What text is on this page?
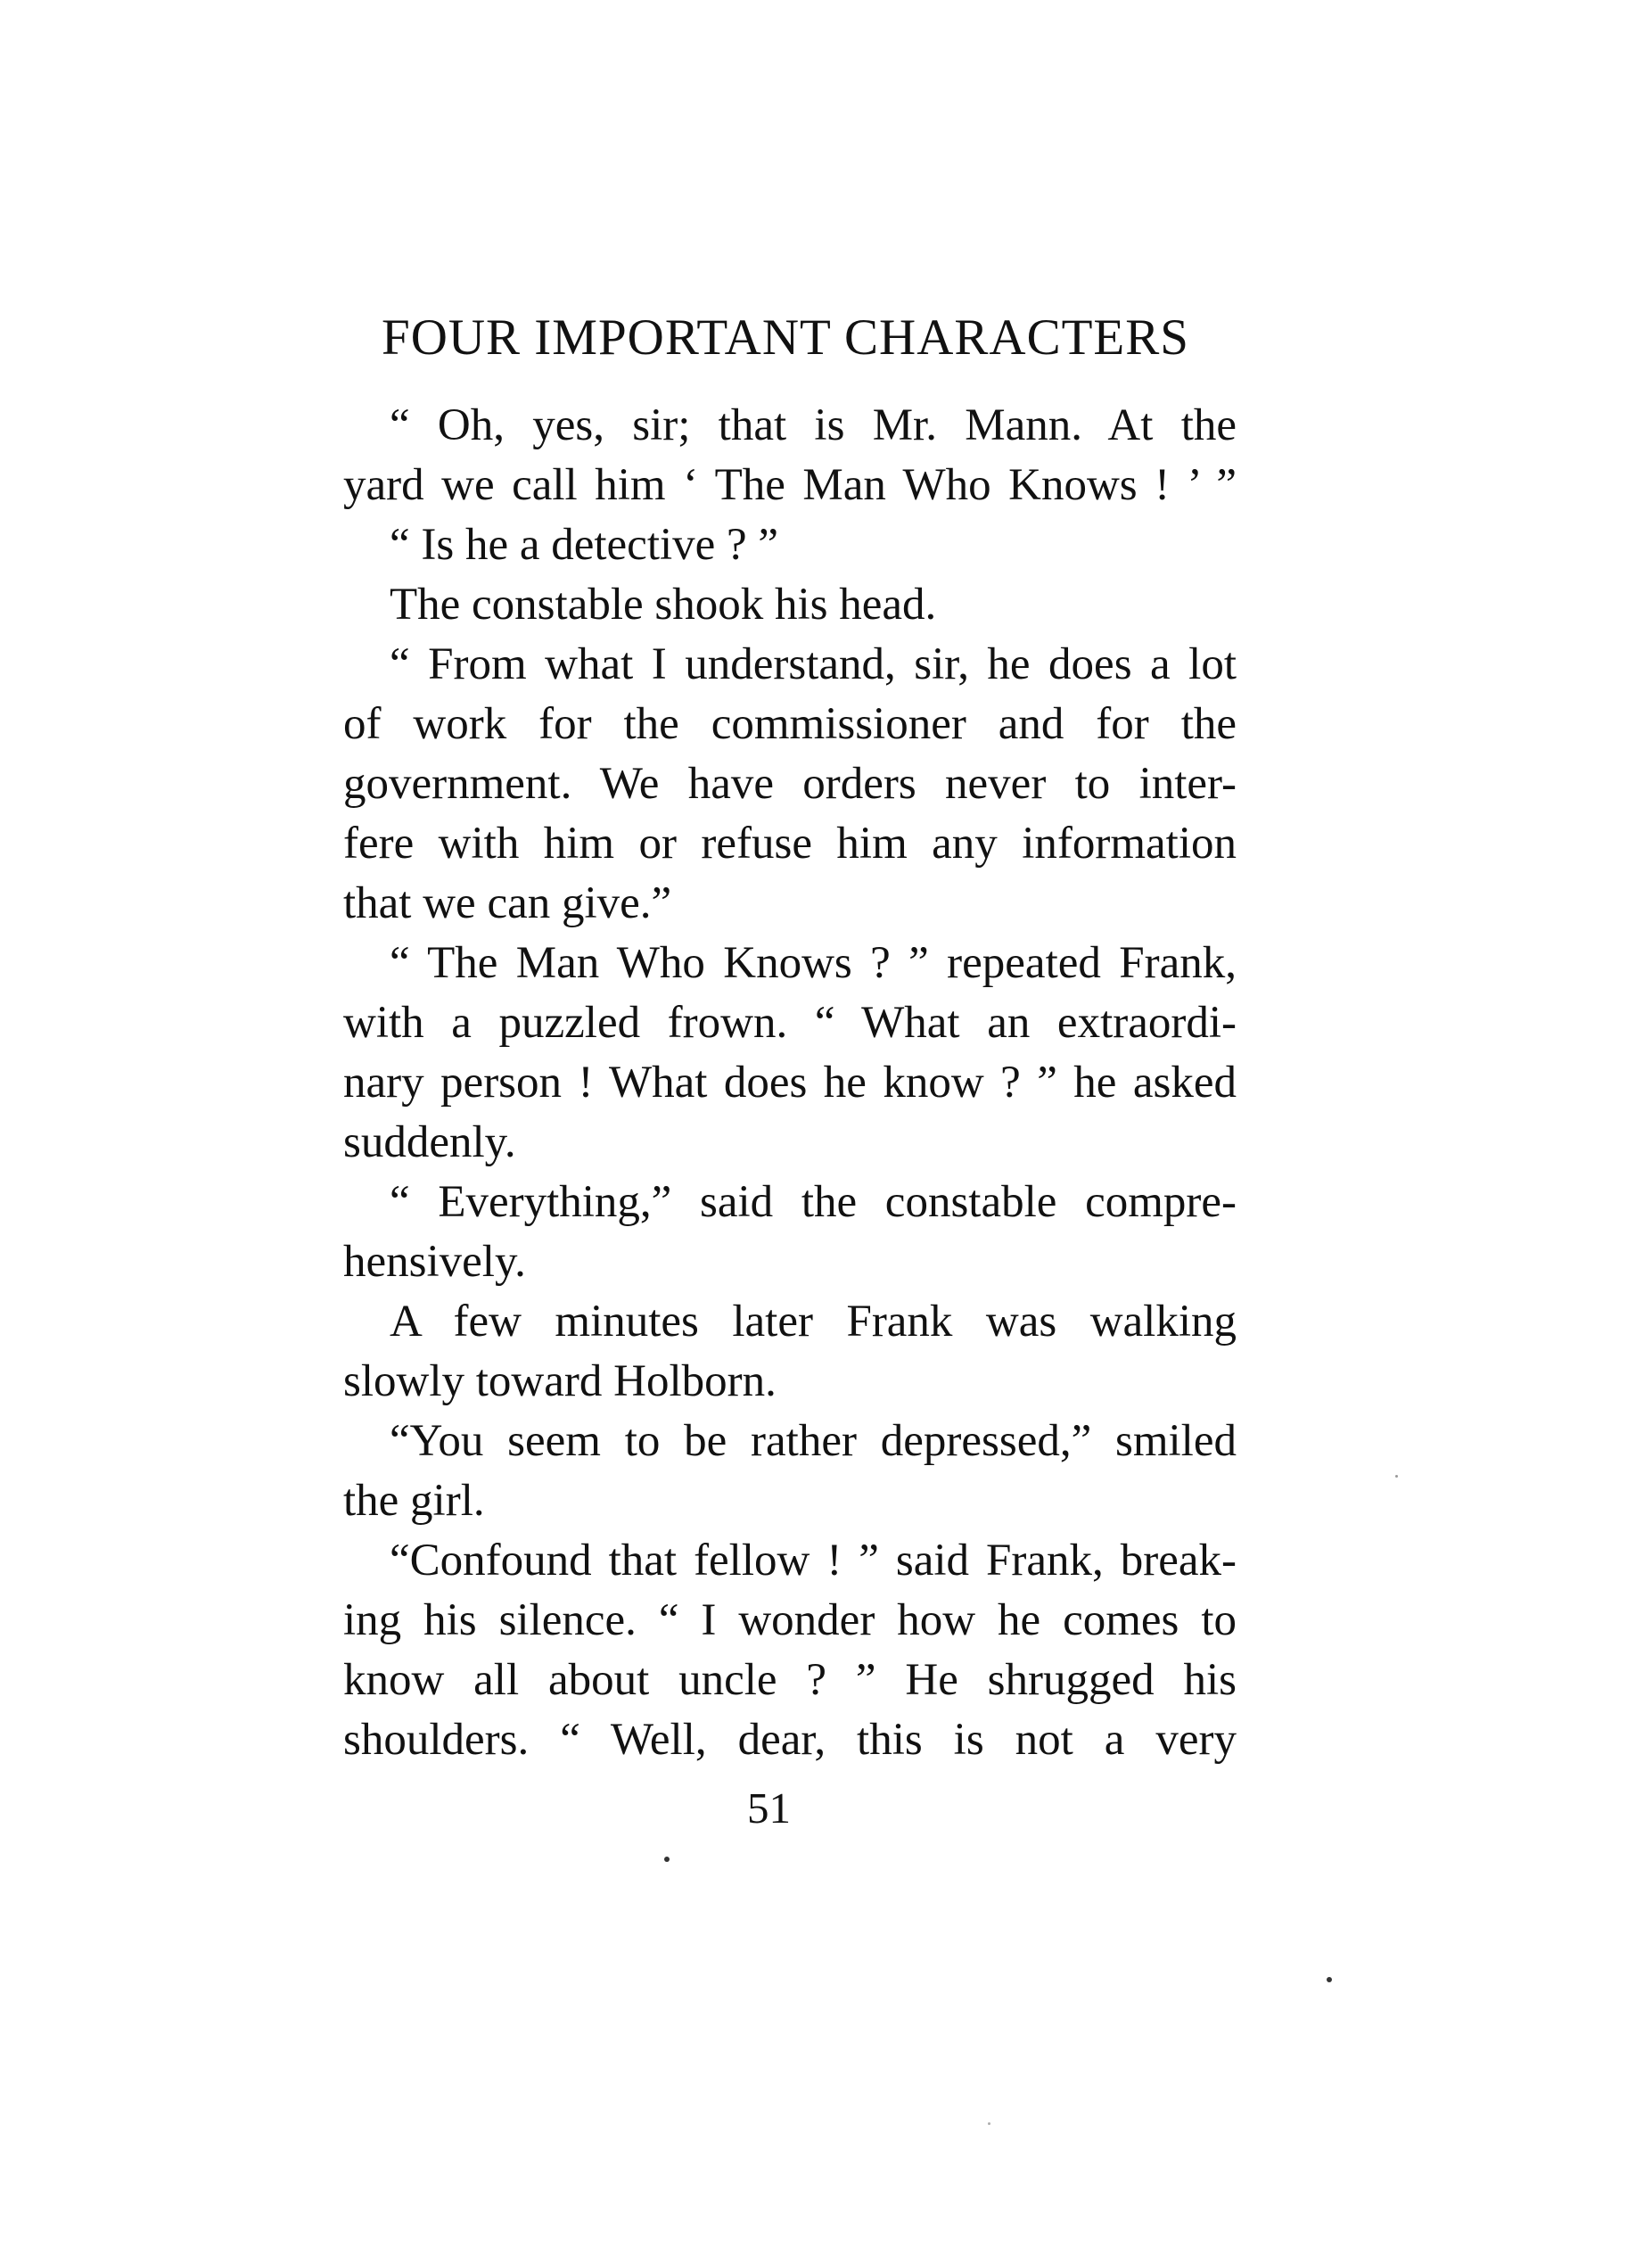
FOUR IMPORTANT CHARACTERS
“ Oh, yes, sir; that is Mr. Mann. At the
yard we call him ‘ The Man Who Knows ! ’ ”
“ Is he a detective ? ”
The constable shook his head.
“ From what I understand, sir, he does a lot
of work for the commissioner and for the
government. We have orders never to inter-
fere with him or refuse him any information
that we can give.”
“ The Man Who Knows ? ” repeated Frank,
with a puzzled frown. “ What an extraordi-
nary person ! What does he know ? ” he asked
suddenly.
“ Everything,” said the constable compre-
hensively.
A few minutes later Frank was walking
slowly toward Holborn.
“You seem to be rather depressed,” smiled
the girl.
“Confound that fellow ! ” said Frank, break-
ing his silence. “ I wonder how he comes to
know all about uncle ? ” He shrugged his
shoulders. “ Well, dear, this is not a very
51
